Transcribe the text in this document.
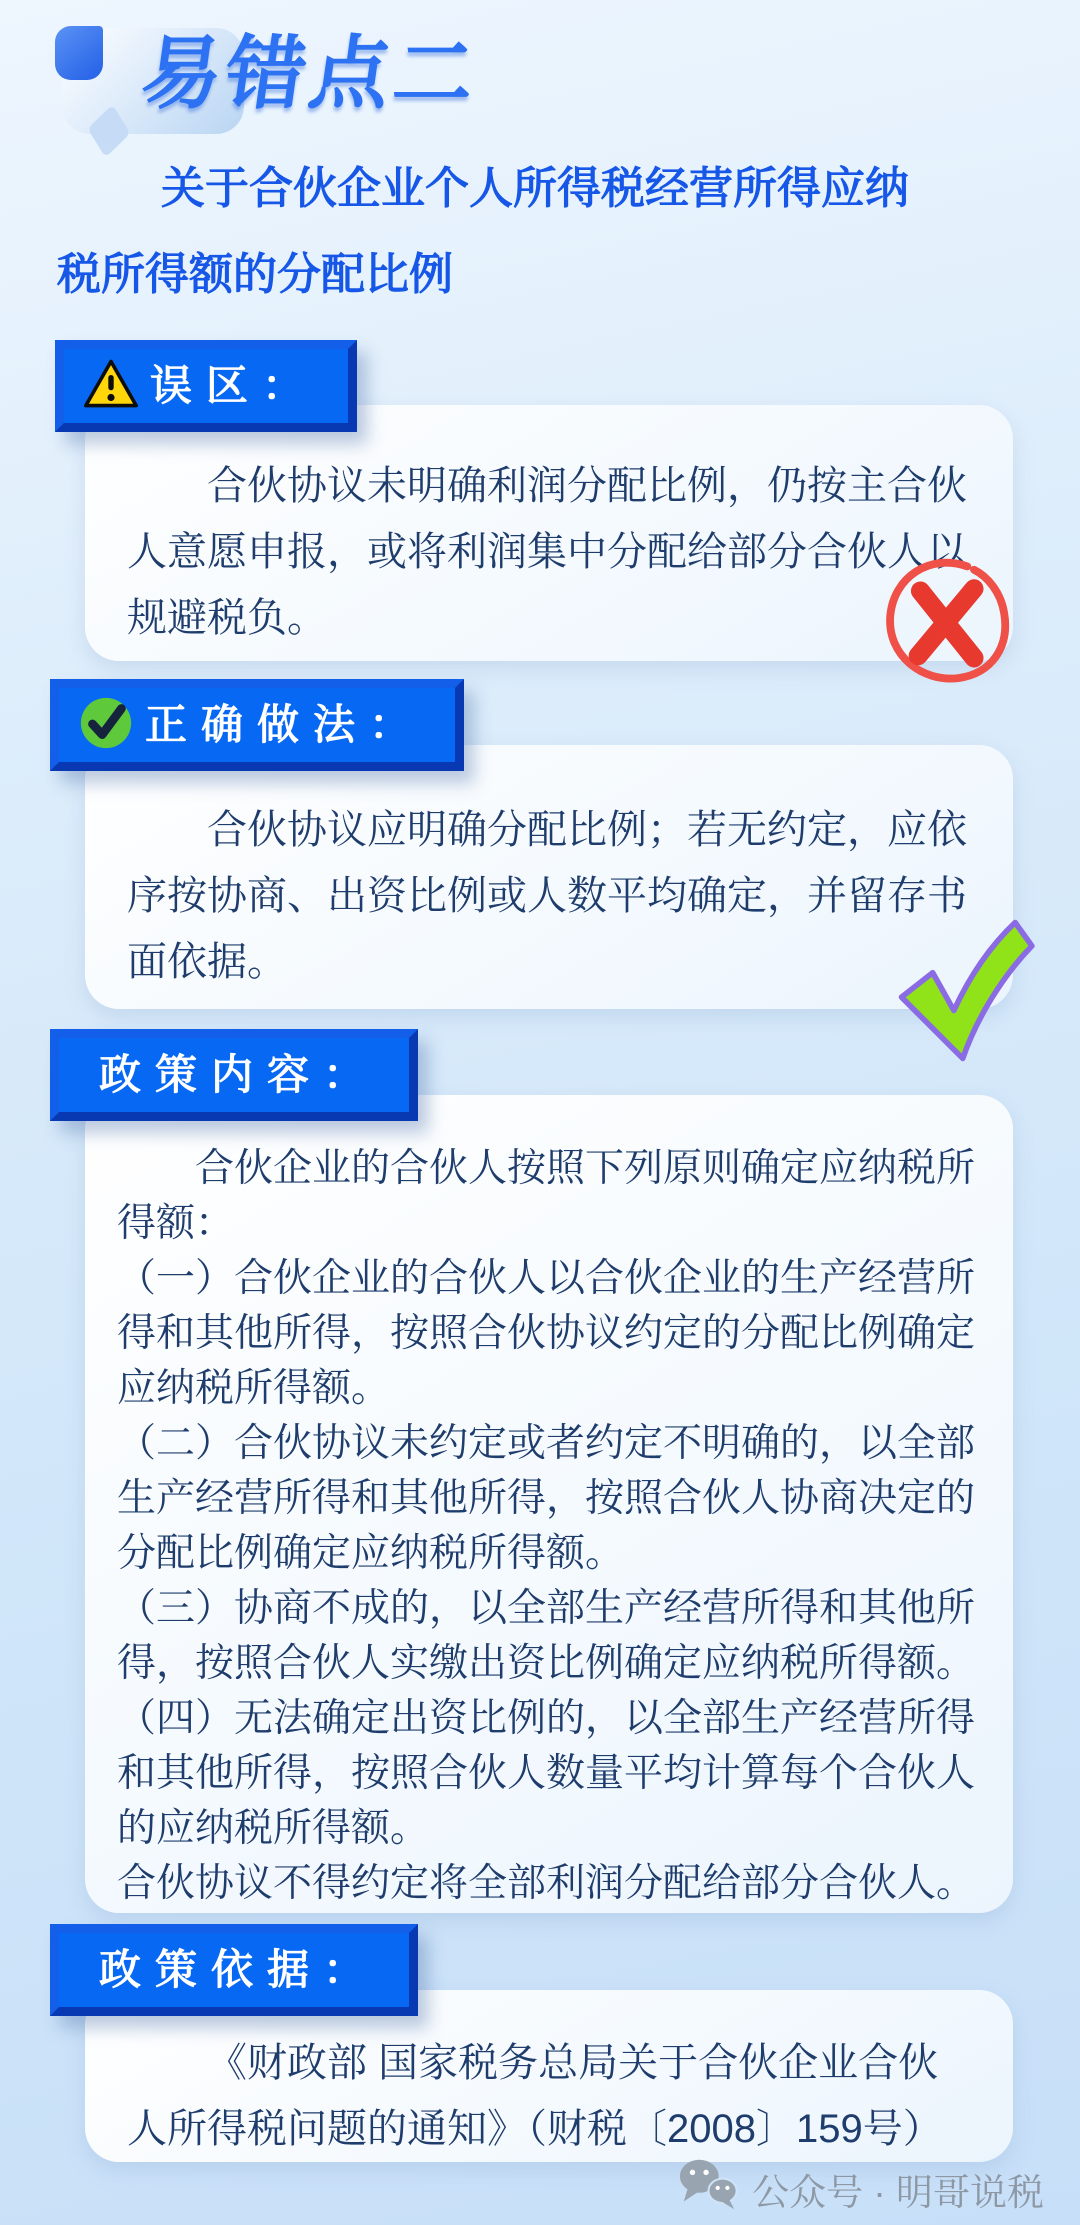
易错点二
关于合伙企业个人所得税经营所得应纳税所得额的分配比例

合伙协议未明确利润分配比例，仍按主合伙人意愿申报，或将利润集中分配给部分合伙人以规避税负。

误区：

合伙协议应明确分配比例；若无约定，应依序按协商、出资比例或人数平均确定，并留存书面依据。

正确做法：

合伙企业的合伙人按照下列原则确定应纳税所得额：

（一）合伙企业的合伙人以合伙企业的生产经营所得和其他所得，按照合伙协议约定的分配比例确定应纳税所得额。

（二）合伙协议未约定或者约定不明确的，以全部生产经营所得和其他所得，按照合伙人协商决定的分配比例确定应纳税所得额。

（三）协商不成的，以全部生产经营所得和其他所得，按照合伙人实缴出资比例确定应纳税所得额。

（四）无法确定出资比例的，以全部生产经营所得和其他所得，按照合伙人数量平均计算每个合伙人的应纳税所得额。

合伙协议不得约定将全部利润分配给部分合伙人。

政策内容：

《财政部 国家税务总局关于合伙企业合伙人所得税问题的通知》（财税〔2008〕159号）

政策依据：
公众号 · 明哥说税
